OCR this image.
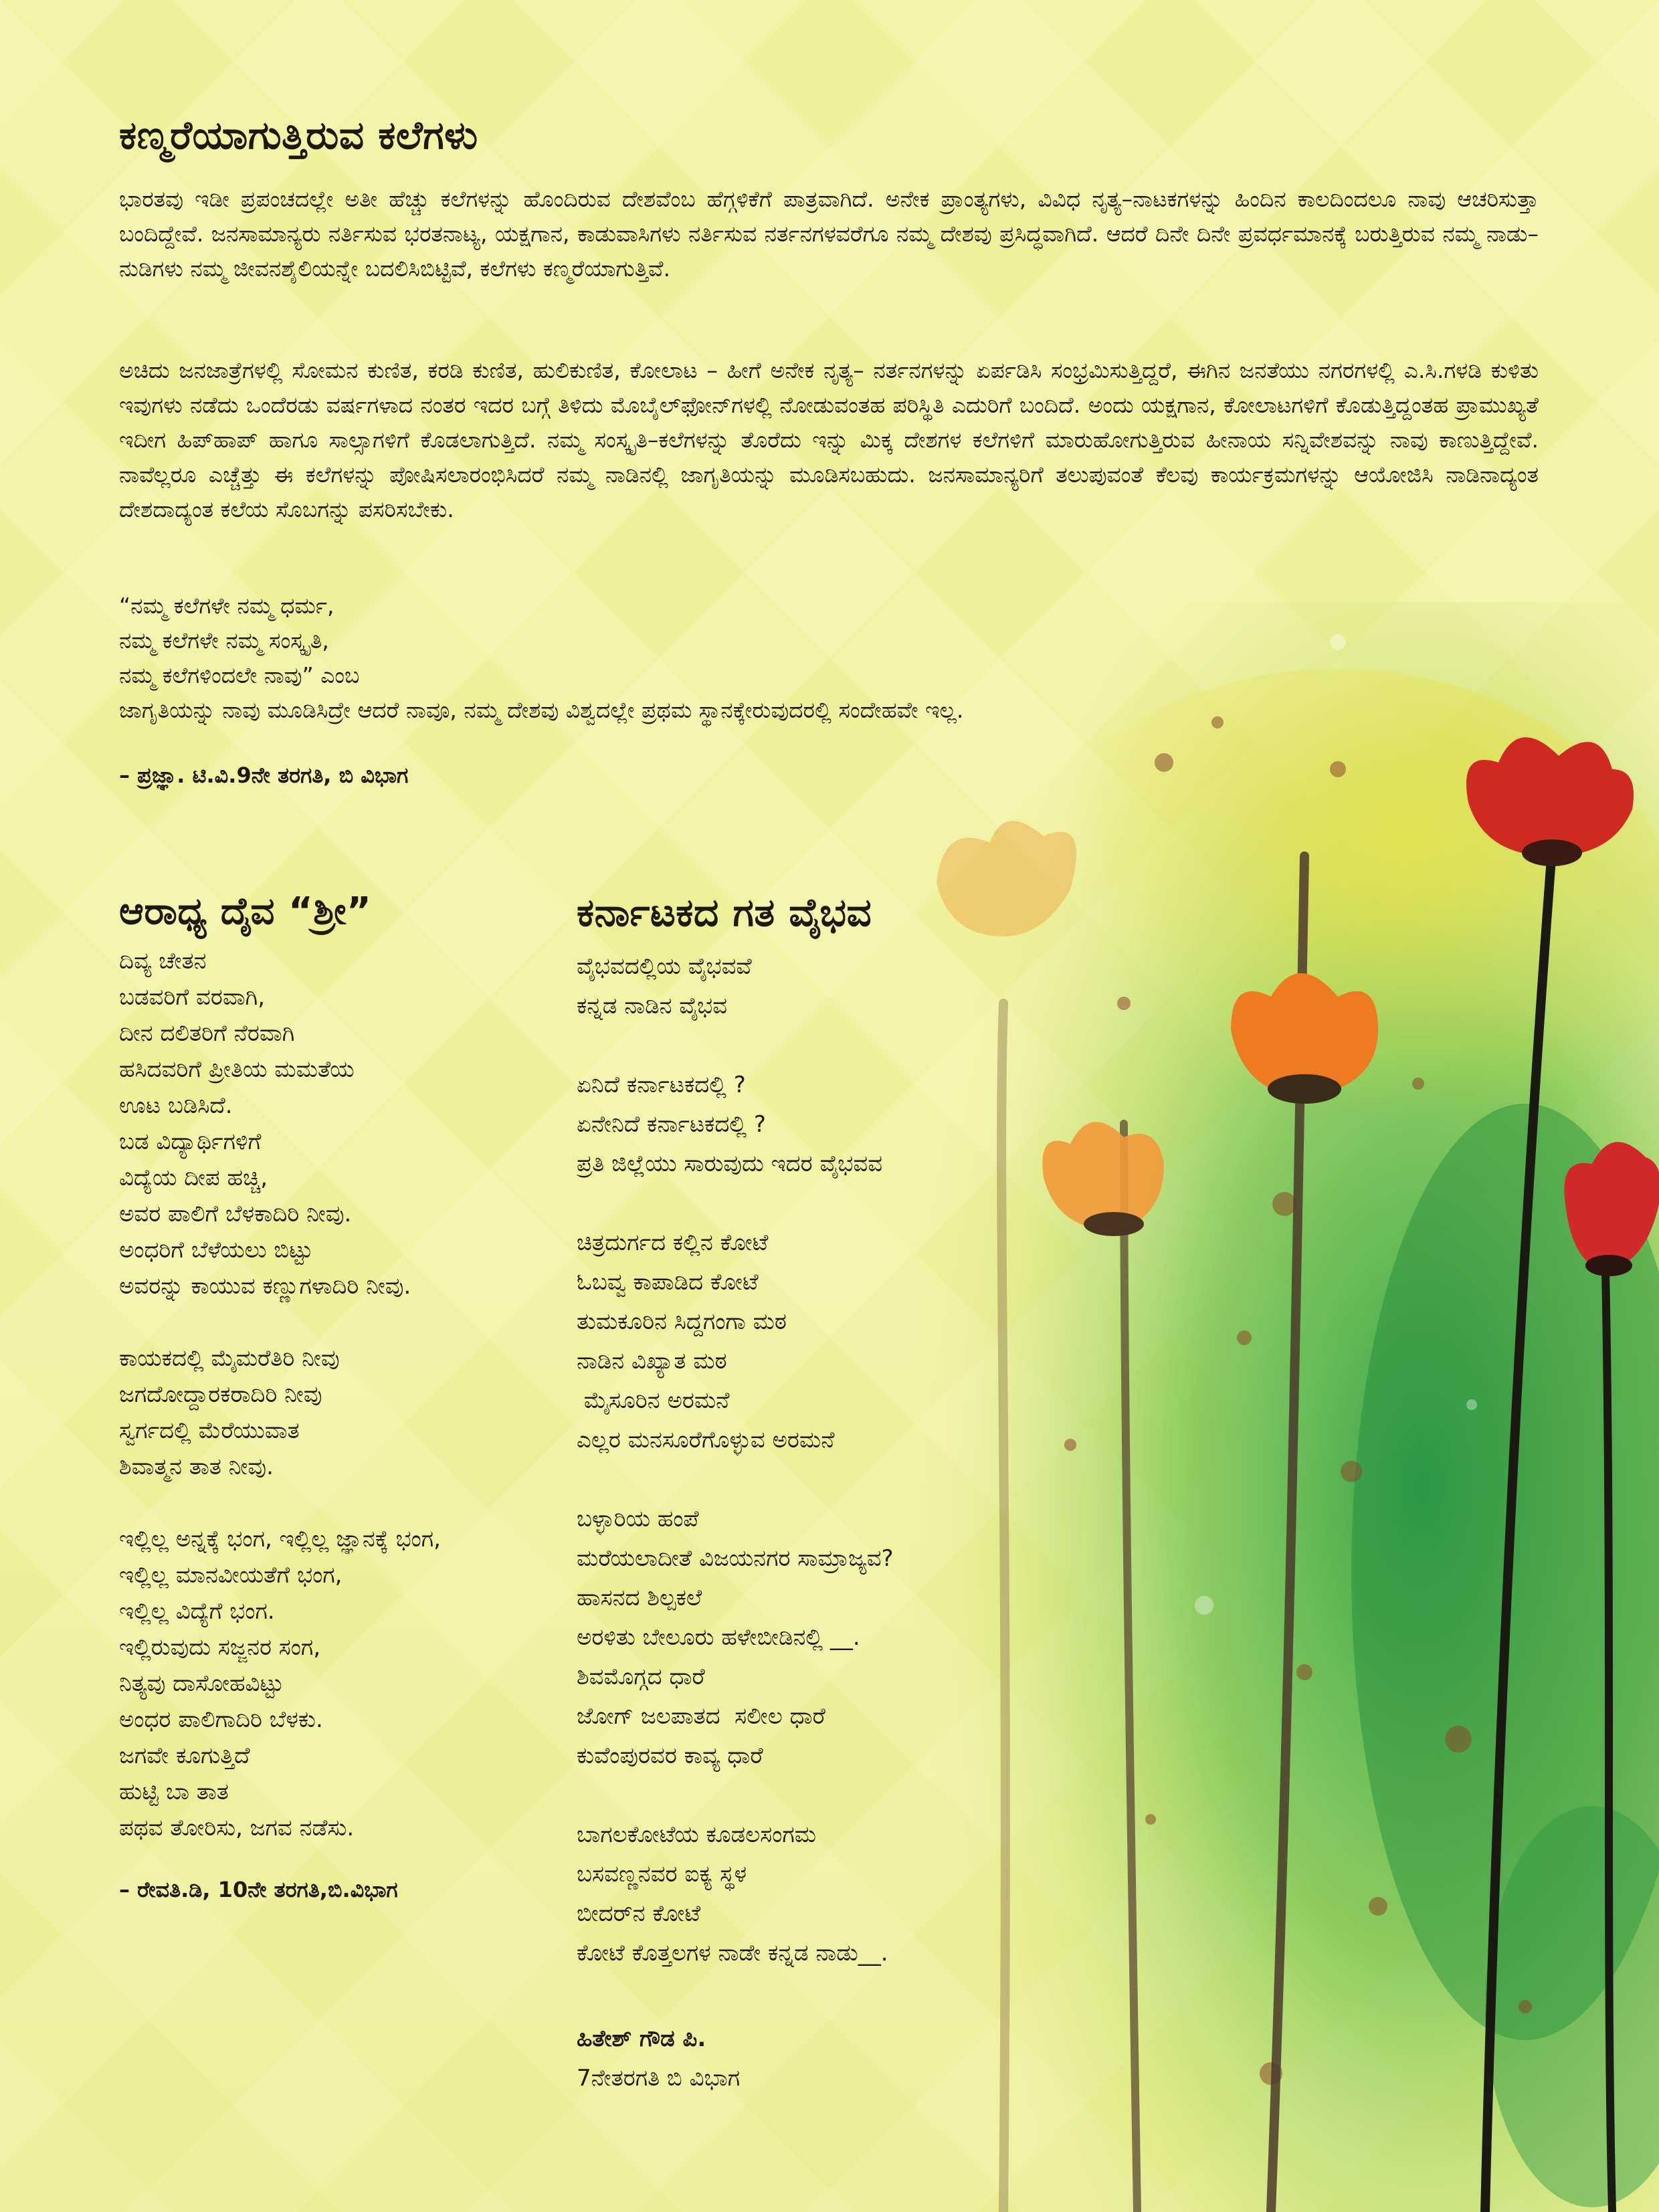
ಕಣ್ಮರೆಯಾಗುತ್ತಿರುವ ಕಲೆಗಳು

ಭಾರತವು ಇಡೀ ಪ್ರಪಂಚದಲ್ಲೇ ಅತೀ ಹೆಚ್ಚು ಕಲೆಗಳನ್ನು ಹೊಂದಿರುವ ದೇಶವೆಂಬ ಹೆಗ್ಗಳಿಕೆಗೆ ಪಾತ್ರವಾಗಿದೆ. ಅನೇಕ ಪ್ರಾಂತ್ಯಗಳು, ವಿವಿಧ ನೃತ್ಯ–ನಾಟಕಗಳನ್ನು ಹಿಂದಿನ ಕಾಲದಿಂದಲೂ ನಾವು ಆಚರಿಸುತ್ತಾ ಬಂದಿದ್ದೇವೆ. ಜನಸಾಮಾನ್ಯರು ನರ್ತಿಸುವ ಭರತನಾಟ್ಯ, ಯಕ್ಷಗಾನ, ಕಾಡುವಾಸಿಗಳು ನರ್ತಿಸುವ ನರ್ತನಗಳವರೆಗೂ ನಮ್ಮ ದೇಶವು ಪ್ರಸಿದ್ಧವಾಗಿದೆ. ಆದರೆ ದಿನೇ ದಿನೇ ಪ್ರವರ್ಧಮಾನಕ್ಕೆ ಬರುತ್ತಿರುವ ನಮ್ಮ ನಾಡು–ನುಡಿಗಳು ನಮ್ಮ ಜೀವನಶೈಲಿಯನ್ನೇ ಬದಲಿಸಿಬಿಟ್ಟಿವೆ, ಕಲೆಗಳು ಕಣ್ಮರೆಯಾಗುತ್ತಿವೆ.

ಅಚಿದು ಜನಜಾತ್ರೆಗಳಲ್ಲಿ ಸೋಮನ ಕುಣಿತ, ಕರಡಿ ಕುಣಿತ, ಹುಲಿಕುಣಿತ, ಕೋಲಾಟ – ಹೀಗೆ ಅನೇಕ ನೃತ್ಯ– ನರ್ತನಗಳನ್ನು ಏರ್ಪಡಿಸಿ ಸಂಭ್ರಮಿಸುತ್ತಿದ್ದರೆ, ಈಗಿನ ಜನತೆಯು ನಗರಗಳಲ್ಲಿ ಎ.ಸಿ.ಗಳಡಿ ಕುಳಿತು ಇವುಗಳು ನಡೆದು ಒಂದೆರಡು ವರ್ಷಗಳಾದ ನಂತರ ಇದರ ಬಗ್ಗೆ ತಿಳಿದು ಮೊಬೈಲ್‌ಫೋನ್‌ಗಳಲ್ಲಿ ನೋಡುವಂತಹ ಪರಿಸ್ಥಿತಿ ಎದುರಿಗೆ ಬಂದಿದೆ. ಅಂದು ಯಕ್ಷಗಾನ, ಕೋಲಾಟಗಳಿಗೆ ಕೊಡುತ್ತಿದ್ದಂತಹ ಪ್ರಾಮುಖ್ಯತೆ ಇದೀಗ ಹಿಪ್‌ಹಾಪ್ ಹಾಗೂ ಸಾಲ್ಸಾಗಳಿಗೆ ಕೊಡಲಾಗುತ್ತಿದೆ. ನಮ್ಮ ಸಂಸ್ಕೃತಿ–ಕಲೆಗಳನ್ನು ತೊರೆದು ಇನ್ನು ಮಿಕ್ಕ ದೇಶಗಳ ಕಲೆಗಳಿಗೆ ಮಾರುಹೋಗುತ್ತಿರುವ ಹೀನಾಯ ಸನ್ನಿವೇಶವನ್ನು ನಾವು ಕಾಣುತ್ತಿದ್ದೇವೆ. ನಾವೆಲ್ಲರೂ ಎಚ್ಚೆತ್ತು ಈ ಕಲೆಗಳನ್ನು ಪೋಷಿಸಲಾರಂಭಿಸಿದರೆ ನಮ್ಮ ನಾಡಿನಲ್ಲಿ ಜಾಗೃತಿಯನ್ನು ಮೂಡಿಸಬಹುದು. ಜನಸಾಮಾನ್ಯರಿಗೆ ತಲುಪುವಂತೆ ಕೆಲವು ಕಾರ್ಯಕ್ರಮಗಳನ್ನು ಆಯೋಜಿಸಿ ನಾಡಿನಾದ್ಯಂತ ದೇಶದಾದ್ಯಂತ ಕಲೆಯ ಸೊಬಗನ್ನು ಪಸರಿಸಬೇಕು.

“ನಮ್ಮ ಕಲೆಗಳೇ ನಮ್ಮ ಧರ್ಮ,
ನಮ್ಮ ಕಲೆಗಳೇ ನಮ್ಮ ಸಂಸ್ಕೃತಿ,
ನಮ್ಮ ಕಲೆಗಳಿಂದಲೇ ನಾವು” ಎಂಬ
ಜಾಗೃತಿಯನ್ನು ನಾವು ಮೂಡಿಸಿದ್ರೇ ಆದರೆ ನಾವೂ, ನಮ್ಮ ದೇಶವು ವಿಶ್ವದಲ್ಲೇ ಪ್ರಥಮ ಸ್ಥಾನಕ್ಕೇರುವುದರಲ್ಲಿ ಸಂದೇಹವೇ ಇಲ್ಲ.

– ಪ್ರಜ್ಞಾ. ಟಿ.ವಿ.9ನೇ ತರಗತಿ, ಬಿ ವಿಭಾಗ

ಆರಾಧ್ಯ ದೈವ “ಶ್ರೀ”
ದಿವ್ಯ ಚೇತನ
ಬಡವರಿಗೆ ವರವಾಗಿ,
ದೀನ ದಲಿತರಿಗೆ ನೆರವಾಗಿ
ಹಸಿದವರಿಗೆ ಪ್ರೀತಿಯ ಮಮತೆಯ
ಊಟ ಬಡಿಸಿದೆ.
ಬಡ ವಿದ್ಯಾರ್ಥಿಗಳಿಗೆ
ವಿದ್ಯೆಯ ದೀಪ ಹಚ್ಚಿ,
ಅವರ ಪಾಲಿಗೆ ಬೆಳಕಾದಿರಿ ನೀವು.
ಅಂಧರಿಗೆ ಬೆಳೆಯಲು ಬಿಟ್ಟು
ಅವರನ್ನು ಕಾಯುವ ಕಣ್ಣುಗಳಾದಿರಿ ನೀವು.

ಕಾಯಕದಲ್ಲಿ ಮೈಮರೆತಿರಿ ನೀವು
ಜಗದೋದ್ದಾರಕರಾದಿರಿ ನೀವು
ಸ್ವರ್ಗದಲ್ಲಿ ಮೆರೆಯುವಾತ
ಶಿವಾತ್ಮನ ತಾತ ನೀವು.

ಇಲ್ಲಿಲ್ಲ ಅನ್ನಕ್ಕೆ ಭಂಗ, ಇಲ್ಲಿಲ್ಲ ಜ್ಞಾನಕ್ಕೆ ಭಂಗ,
ಇಲ್ಲಿಲ್ಲ ಮಾನವೀಯತೆಗೆ ಭಂಗ,
ಇಲ್ಲಿಲ್ಲ ವಿದ್ಯೆಗೆ ಭಂಗ.
ಇಲ್ಲಿರುವುದು ಸಜ್ಜನರ ಸಂಗ,
ನಿತ್ಯವು ದಾಸೋಹವಿಟ್ಟು
ಅಂಧರ ಪಾಲಿಗಾದಿರಿ ಬೆಳಕು.
ಜಗವೇ ಕೂಗುತ್ತಿದೆ
ಹುಟ್ಟಿ ಬಾ ತಾತ
ಪಥವ ತೋರಿಸು, ಜಗವ ನಡೆಸು.

– ರೇವತಿ.ಡಿ, 10ನೇ ತರಗತಿ,ಬಿ.ವಿಭಾಗ

ಕರ್ನಾಟಕದ ಗತ ವೈಭವ
ವೈಭವದಲ್ಲಿಯ ವೈಭವವೆ
ಕನ್ನಡ ನಾಡಿನ ವೈಭವ

ಏನಿದೆ ಕರ್ನಾಟಕದಲ್ಲಿ ?
ಏನೇನಿದೆ ಕರ್ನಾಟಕದಲ್ಲಿ ?
ಪ್ರತಿ ಜಿಲ್ಲೆಯು ಸಾರುವುದು ಇದರ ವೈಭವವ

ಚಿತ್ರದುರ್ಗದ ಕಲ್ಲಿನ ಕೋಟೆ
ಓಬವ್ವ ಕಾಪಾಡಿದ ಕೋಟೆ
ತುಮಕೂರಿನ ಸಿದ್ದಗಂಗಾ ಮಠ
ನಾಡಿನ ವಿಖ್ಯಾತ ಮಠ
ಮೈಸೂರಿನ ಅರಮನೆ
ಎಲ್ಲರ ಮನಸೂರೆಗೊಳ್ಳುವ ಅರಮನೆ

ಬಳ್ಳಾರಿಯ ಹಂಪೆ
ಮರೆಯಲಾದೀತೆ ವಿಜಯನಗರ ಸಾಮ್ರಾಜ್ಯವ?
ಹಾಸನದ ಶಿಲ್ಪಕಲೆ
ಅರಳಿತು ಬೇಲೂರು ಹಳೇಬೀಡಿನಲ್ಲಿ __.
ಶಿವಮೊಗ್ಗದ ಧಾರೆ
ಜೋಗ್ ಜಲಪಾತದ  ಸಲೀಲ ಧಾರೆ
ಕುವೆಂಪುರವರ ಕಾವ್ಯ ಧಾರೆ

ಬಾಗಲಕೋಟೆಯ ಕೂಡಲಸಂಗಮ
ಬಸವಣ್ಣನವರ ಐಕ್ಯ ಸ್ಥಳ
ಬೀದರ್‌ನ ಕೋಟೆ
ಕೋಟೆ ಕೊತ್ತಲಗಳ ನಾಡೇ ಕನ್ನಡ ನಾಡು__.

ಹಿತೇಶ್ ಗೌಡ ಪಿ.

7ನೇತರಗತಿ ಬಿ ವಿಭಾಗ
